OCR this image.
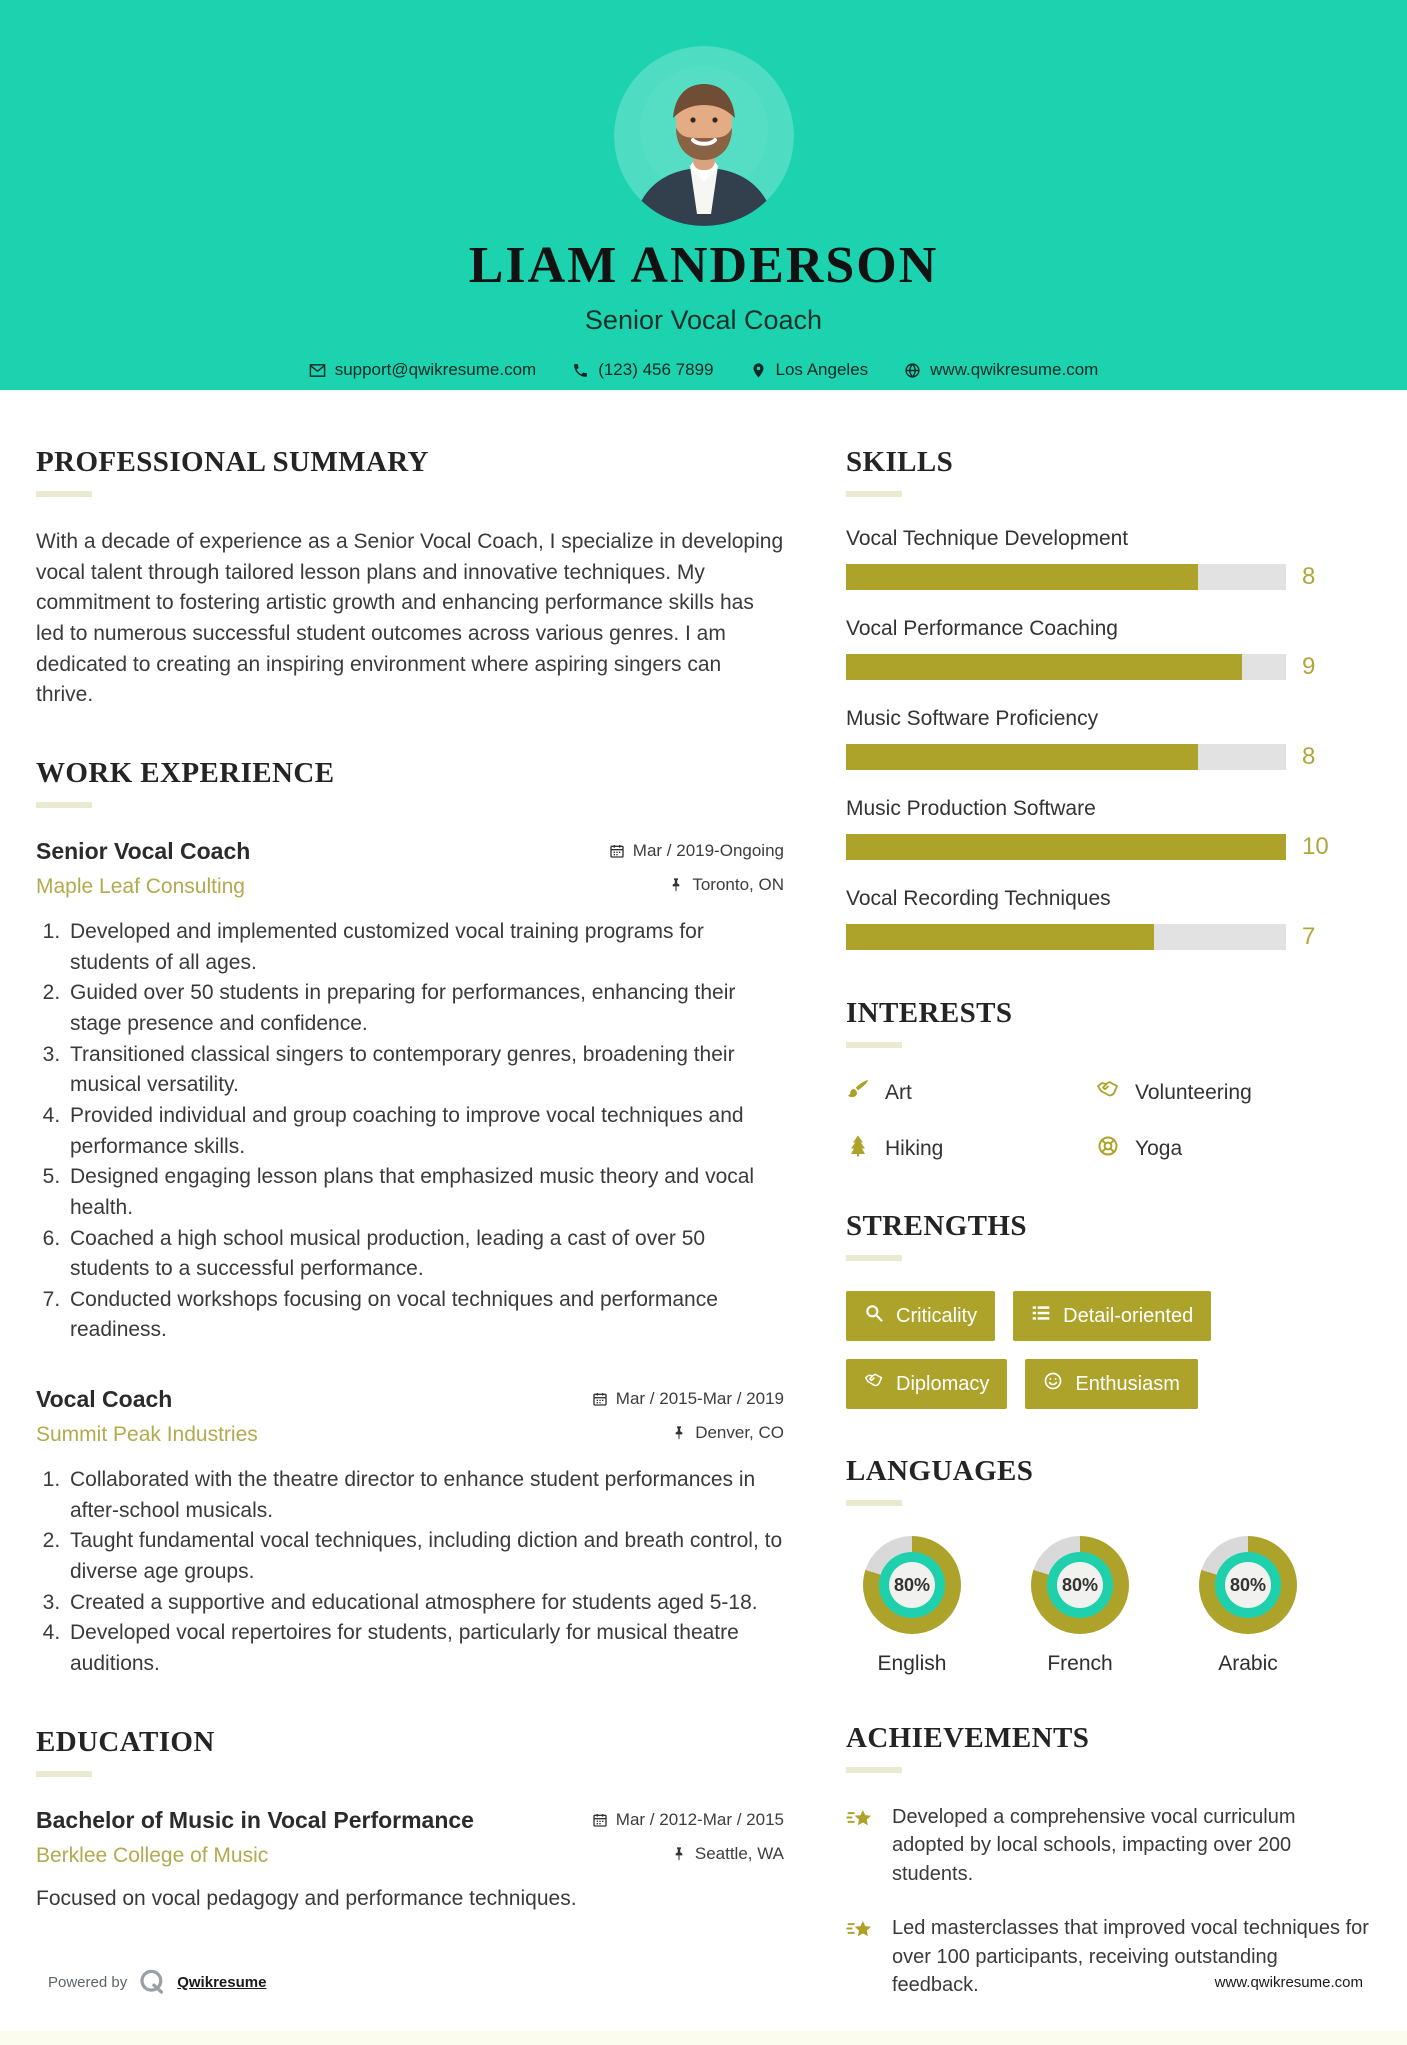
LIAM ANDERSON
Senior Vocal Coach
support@qwikresume.com	(123) 456 7899	Los Angeles	www.qwikresume.com
PROFESSIONAL SUMMARY

With a decade of experience as a Senior Vocal Coach, I specialize in developing vocal talent through tailored lesson plans and innovative techniques. My commitment to fostering artistic growth and enhancing performance skills has led to numerous successful student outcomes across various genres. I am dedicated to creating an inspiring environment where aspiring singers can thrive.

WORK EXPERIENCE
Senior Vocal Coach	Mar / 2019-Ongoing
Maple Leaf Consulting	Toronto, ON
1. Developed and implemented customized vocal training programs for students of all ages.
2. Guided over 50 students in preparing for performances, enhancing their stage presence and confidence.
3. Transitioned classical singers to contemporary genres, broadening their musical versatility.
4. Provided individual and group coaching to improve vocal techniques and performance skills.
5. Designed engaging lesson plans that emphasized music theory and vocal health.
6. Coached a high school musical production, leading a cast of over 50 students to a successful performance.
7. Conducted workshops focusing on vocal techniques and performance readiness.
Vocal Coach	Mar / 2015-Mar / 2019
Summit Peak Industries	Denver, CO
1. Collaborated with the theatre director to enhance student performances in after-school musicals.
2. Taught fundamental vocal techniques, including diction and breath control, to diverse age groups.
3. Created a supportive and educational atmosphere for students aged 5-18.
4. Developed vocal repertoires for students, particularly for musical theatre auditions.
EDUCATION
Bachelor of Music in Vocal Performance	Mar / 2012-Mar / 2015
Berklee College of Music	Seattle, WA

Focused on vocal pedagogy and performance techniques.

SKILLS
Vocal Technique Development
8
Vocal Performance Coaching
9
Music Software Proficiency
8
Music Production Software
10
Vocal Recording Techniques
7
INTERESTS
Art	Volunteering
Hiking	Yoga
STRENGTHS
Criticality	Detail-oriented
Diplomacy	Enthusiasm
LANGUAGES
80%
English
80%
French
80%
Arabic
ACHIEVEMENTS

Developed a comprehensive vocal curriculum adopted by local schools, impacting over 200 students.

Led masterclasses that improved vocal techniques for over 100 participants, receiving outstanding feedback.

Powered by	Qwikresume	www.qwikresume.com
